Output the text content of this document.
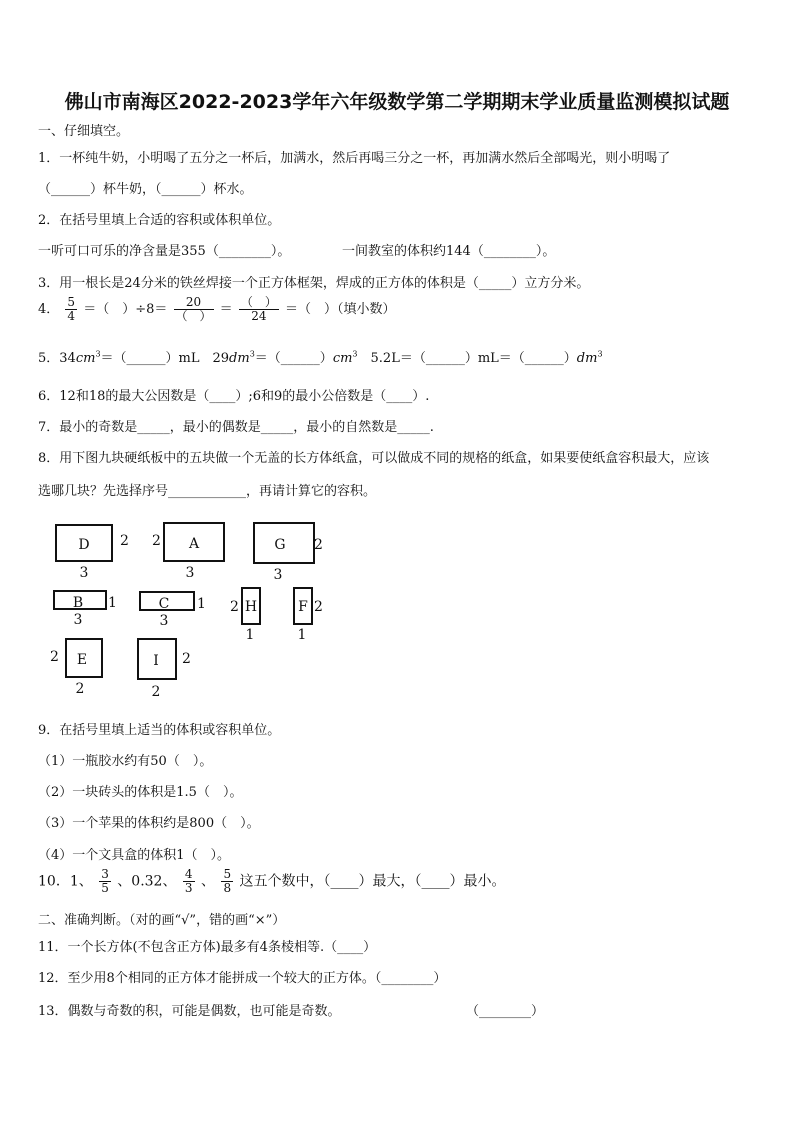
佛山市南海区2022-2023学年六年级数学第二学期期末学业质量监测模拟试题
一、仔细填空。
1．一杯纯牛奶，小明喝了五分之一杯后，加满水，然后再喝三分之一杯，再加满水然后全部喝光，则小明喝了
（______）杯牛奶，（______）杯水。
2．在括号里填上合适的容积或体积单位。
一听可口可乐的净含量是355（________）。	一间教室的体积约144（________）。
3．用一根长是24分米的铁丝焊接一个正方体框架，焊成的正方体的体积是（_____）立方分米。
4． $\frac{5}{4}$ ＝（　）$\div 8= \frac{20}{( )} = \frac{( )}{24}$ ＝（　）（填小数）
5．$34cm^3=(\_\_\_\_\_\_)mL$　$29dm^3=(\_\_\_\_\_\_)cm^3$　$5.2L=(\_\_\_\_\_\_)mL=(\_\_\_\_\_\_)dm^3$
6．12和18的最大公因数是（____）;6和9的最小公倍数是（____）.
7．最小的奇数是_____，最小的偶数是_____，最小的自然数是_____.
8．用下图九块硬纸板中的五块做一个无盖的长方体纸盒，可以做成不同的规格的纸盒，如果要使纸盒容积最大，应该
选哪几块？先选择序号____________，再请计算它的容积。
D 2
3
A
2
3
G 2
3
B 1
3
C 1
3
H
2
1
F 2
1
E
2
2
I 2
2
9．在括号里填上适当的体积或容积单位。
（1）一瓶胶水约有50（　）。
（2）一块砖头的体积是1.5（　）。
（3）一个苹果的体积约是800（　）。
（4）一个文具盒的体积1（　）。
10．1、 $\frac{3}{5}$ 、0.32、 $\frac{4}{3}$ 、 $\frac{5}{8}$ 这五个数中，（____）最大，（____）最小。
二、准确判断。（对的画“√”，错的画“×”）
11．一个长方体(不包含正方体)最多有4条棱相等.（____）
12．至少用8个相同的正方体才能拼成一个较大的正方体。（________）
13．偶数与奇数的积，可能是偶数，也可能是奇数。	（________）
